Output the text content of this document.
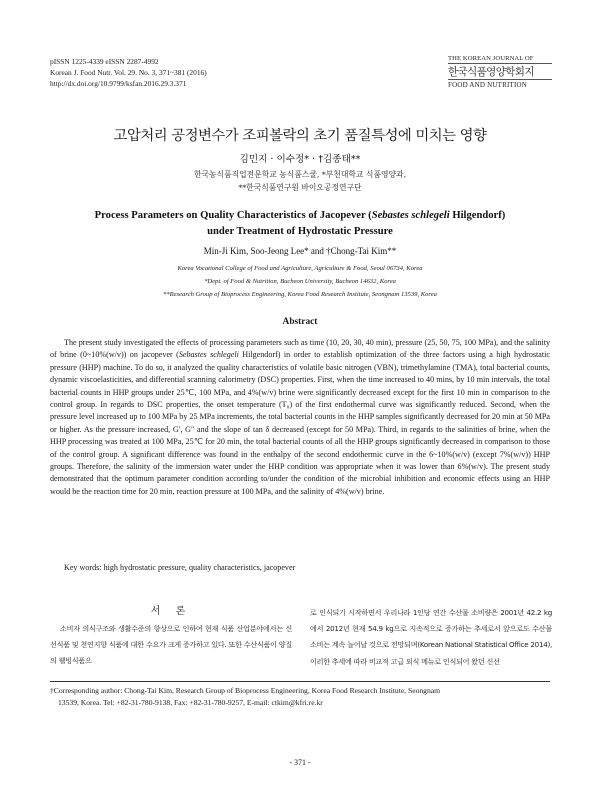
pISSN 1225-4339 eISSN 2287-4992
Korean J. Food Nutr. Vol. 29. No. 3, 371~381 (2016)
http://dx.doi.org/10.9799/ksfan.2016.29.3.371
THE KOREAN JOURNAL OF
한국식품영양학회지
FOOD AND NUTRITION
고압처리 공정변수가 조피볼락의 초기 품질특성에 미치는 영향
김민지 · 이수정* · †김종태**
한국농식품직업전문학교 농식품스쿨, *부천대학교 식품영양과,
**한국식품연구원 바이오공정연구단
Process Parameters on Quality Characteristics of Jacopever (Sebastes schlegeli Hilgendorf)
under Treatment of Hydrostatic Pressure
Min-Ji Kim, Soo-Jeong Lee* and †Chong-Tai Kim**
Korea Vocational College of Food and Agriculture, Agriculture & Food, Seoul 06734, Korea
*Dept. of Food & Nutrition, Bucheon University, Bucheon 14632, Korea
**Research Group of Bioprocess Engineering, Korea Food Research Institute, Seongnam 13539, Korea
Abstract
The present study investigated the effects of processing parameters such as time (10, 20, 30, 40 min), pressure (25, 50, 75, 100 MPa), and the salinity of brine (0~10%(w/v)) on jacopever (Sebastes schlegeli Hilgendorf) in order to establish optimization of the three factors using a high hydrostatic pressure (HHP) machine. To do so, it analyzed the quality characteristics of volatile basic nitrogen (VBN), trimethylamine (TMA), total bacterial counts, dynamic viscoelasticities, and differential scanning calorimetry (DSC) properties. First, when the time increased to 40 mins, by 10 min intervals, the total bacterial counts in HHP groups under 25℃, 100 MPa, and 4%(w/v) brine were significantly decreased except for the first 10 min in comparison to the control group. In regards to DSC properties, the onset temperature (T₀) of the first endothermal curve was significantly reduced. Second, when the pressure level increased up to 100 MPa by 25 MPa increments, the total bacterial counts in the HHP samples significantly decreased for 20 min at 50 MPa or higher. As the pressure increased, G′, G″ and the slope of tan δ decreased (except for 50 MPa). Third, in regards to the salinities of brine, when the HHP processing was treated at 100 MPa, 25℃ for 20 min, the total bacterial counts of all the HHP groups significantly decreased in comparison to those of the control group. A significant difference was found in the enthalpy of the second endothermic curve in the 6~10%(w/v) (except 7%(w/v)) HHP groups. Therefore, the salinity of the immersion water under the HHP condition was appropriate when it was lower than 6%(w/v). The present study demonstrated that the optimum parameter condition according to/under the condition of the microbial inhibition and economic effects using an HHP would be the reaction time for 20 min, reaction pressure at 100 MPa, and the salinity of 4%(w/v) brine.
Key words: high hydrostatic pressure, quality characteristics, jacopever
서 론
소비자 의식구조와 생활수준의 향상으로 인하여 현재 식품 산업분야에서는 신선식품 및 천연지향 식품에 대한 수요가 크게 증가하고 있다. 또한 수산식품이 양질의 웰빙식품으
로 인식되기 시작하면서 우리나라 1인당 연간 수산물 소비량은 2001년 42.2 kg에서 2012년 현재 54.9 kg으로 지속적으로 증가하는 추세로서 앞으로도 수산물 소비는 계속 늘어날 것으로 전망되며(Korean National Statistical Office 2014), 이러한 추세에 따라 비교적 고급 외식 메뉴로 인식되어 왔던 신선
†Corresponding author: Chong-Tai Kim, Research Group of Bioprocess Engineering, Korea Food Research Institute, Seongnam
13539, Korea. Tel: +82-31-780-9138, Fax: +82-31-780-9257, E-mail: ctkim@kfri.re.kr
- 371 -
